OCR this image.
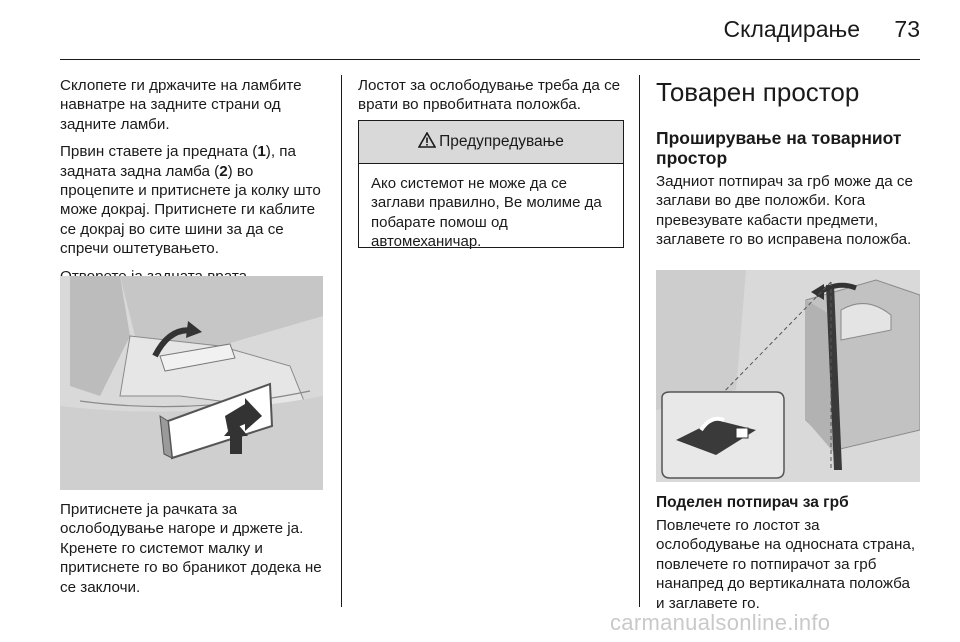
Складирање 73

Склопете ги држачите на ламбите навнатре на задните страни од задните ламби.

Првин ставете ја предната (1), па задната задна ламба (2) во процепите и притиснете ја колку што може докрај. Притиснете ги каблите се докрај во сите шини за да се спречи оштетувањето.

Притиснете ја рачката за ослободување нагоре и држете ја. Кренете го системот малку и притиснете го во браникот додека не се заклочи.

Лостот за ослободување треба да се врати во првобитната положба.

Предупредување
Ако системот не може да се заглави правилно, Ве молиме да побарате помош од автомеханичар.
Товарен простор
Проширување на товарниот простор

Задниот потпирач за грб може да се заглави во две положби. Кога превезувате кабасти предмети, заглавете го во исправена положба.

Поделен потпирач за грб

Повлечете го лостот за ослободување на односната страна, повлечете го потпирачот за грб нанапред до вертикалната положба и заглавете го.

carmanualsonline.info
